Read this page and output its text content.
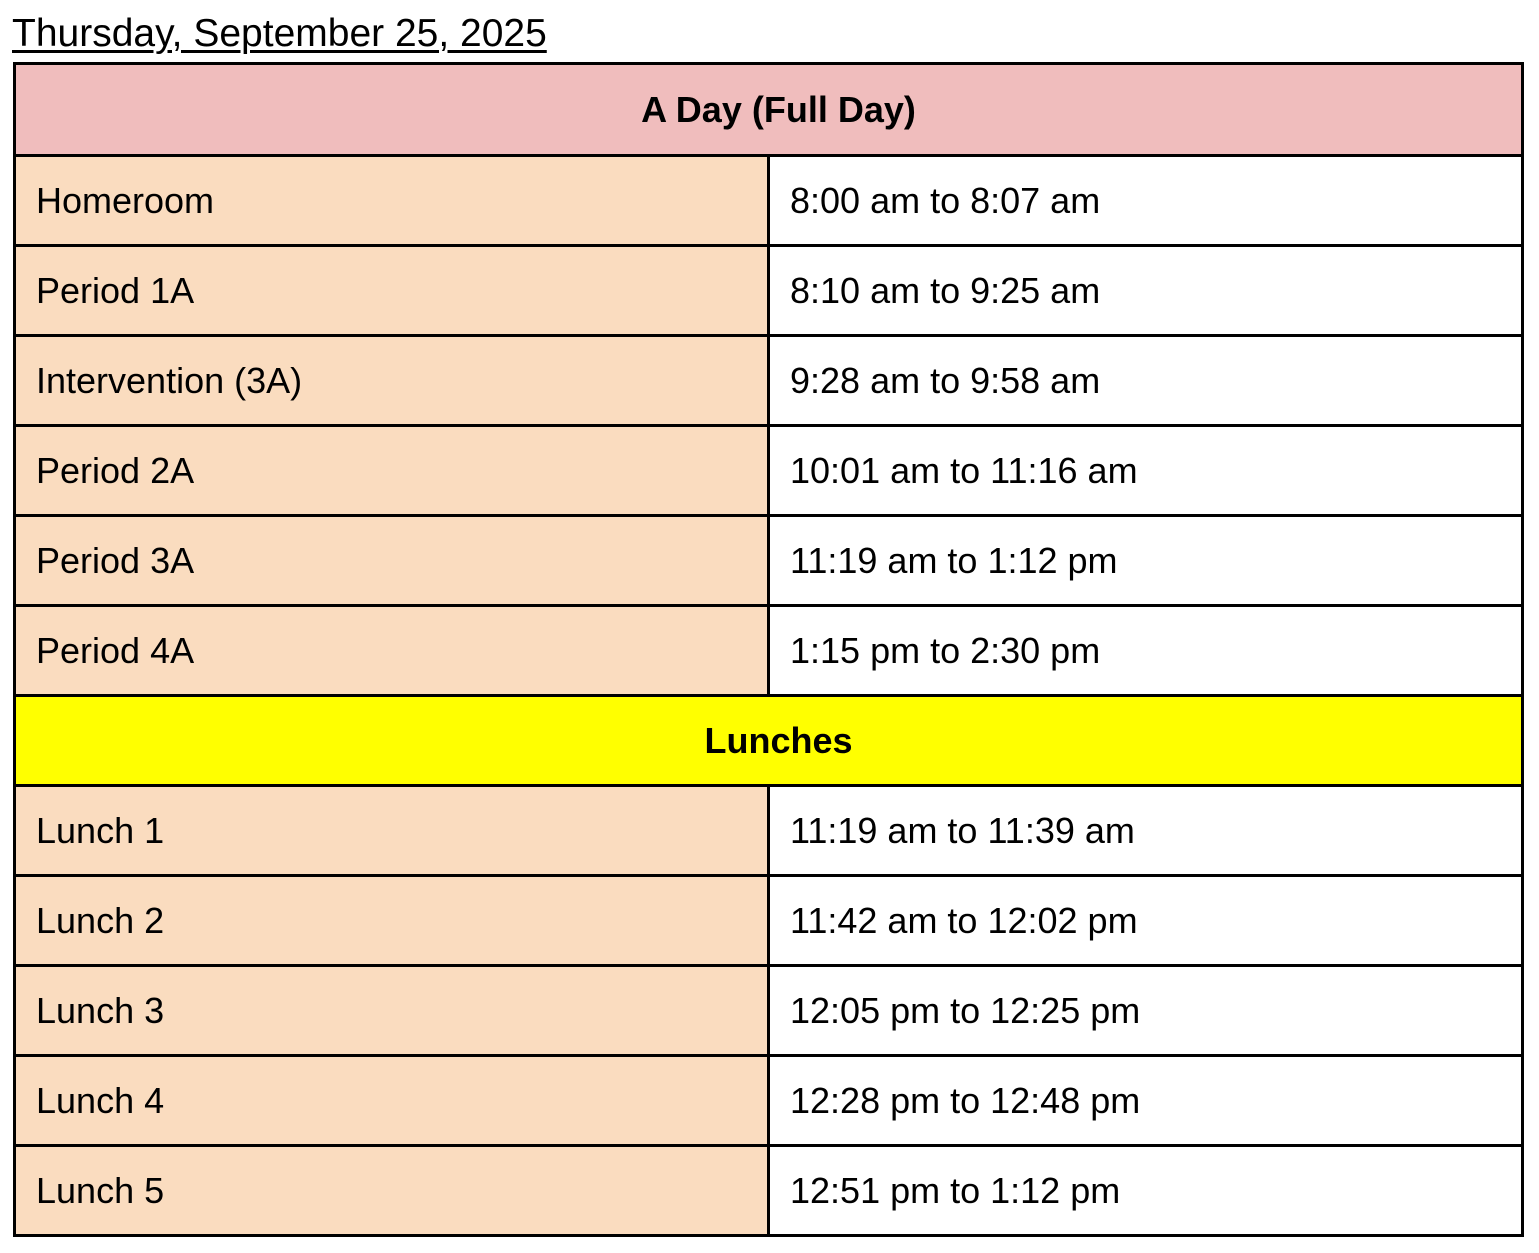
Thursday, September 25, 2025
A Day (Full Day)	
Homeroom	8:00 am to 8:07 am
Period 1A	8:10 am to 9:25 am
Intervention (3A)	9:28 am to 9:58 am
Period 2A	10:01 am to 11:16 am
Period 3A	11:19 am to 1:12 pm
Period 4A	1:15 pm to 2:30 pm
Lunches	
Lunch 1	11:19 am to 11:39 am
Lunch 2	11:42 am to 12:02 pm
Lunch 3	12:05 pm to 12:25 pm
Lunch 4	12:28 pm to 12:48 pm
Lunch 5	12:51 pm to 1:12 pm
